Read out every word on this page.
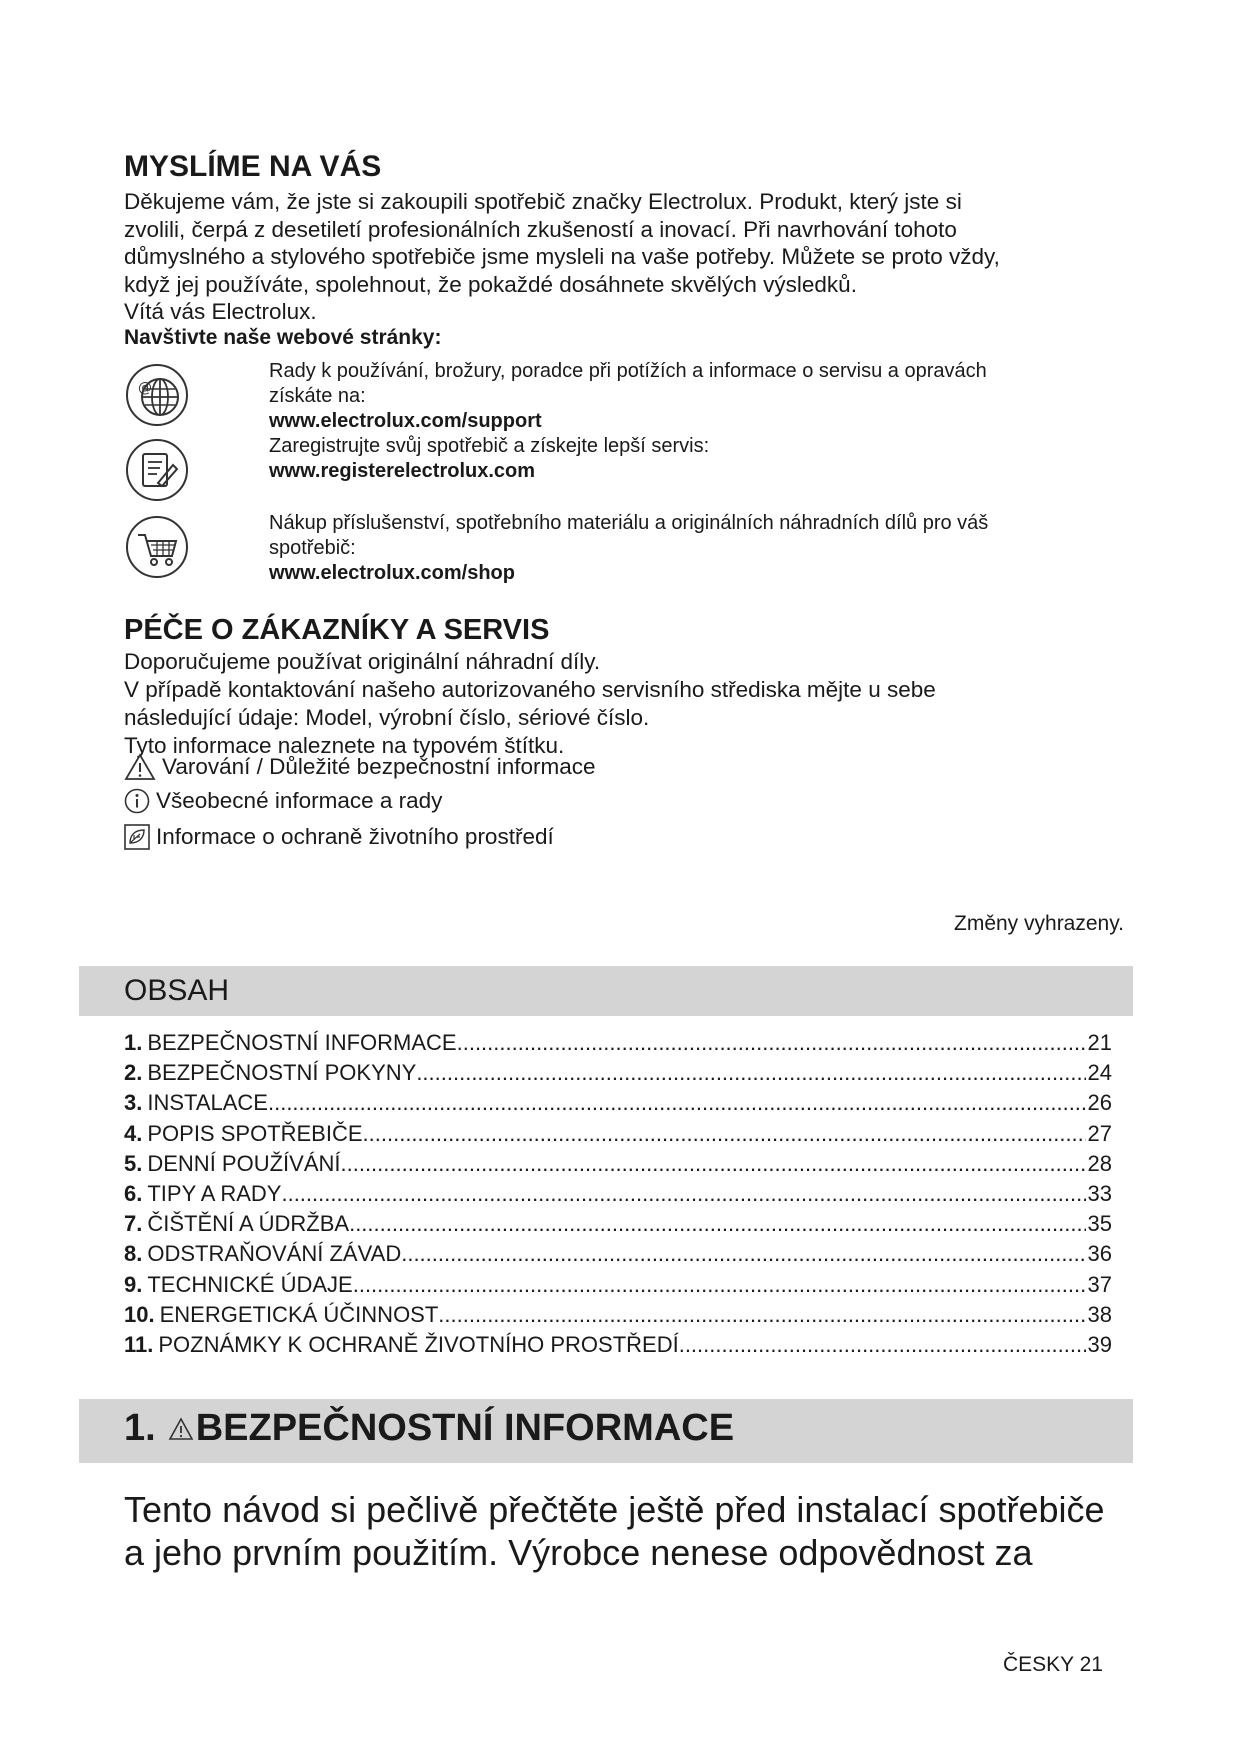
MYSLÍME NA VÁS

Děkujeme vám, že jste si zakoupili spotřebič značky Electrolux. Produkt, který jste si

zvolili, čerpá z desetiletí profesionálních zkušeností a inovací. Při navrhování tohoto

důmyslného a stylového spotřebiče jsme mysleli na vaše potřeby. Můžete se proto vždy,

když jej používáte, spolehnout, že pokaždé dosáhnete skvělých výsledků.

Vítá vás Electrolux.

Navštivte naše webové stránky:
@
Rady k používání, brožury, poradce při potížích a informace o servisu a opravách
získáte na:
www.electrolux.com/support
Zaregistrujte svůj spotřebič a získejte lepší servis:
www.registerelectrolux.com
Nákup příslušenství, spotřebního materiálu a originálních náhradních dílů pro váš
spotřebič:
www.electrolux.com/shop
PÉČE O ZÁKAZNÍKY A SERVIS

Doporučujeme používat originální náhradní díly.

V případě kontaktování našeho autorizovaného servisního střediska mějte u sebe

následující údaje: Model, výrobní číslo, sériové číslo.

Tyto informace naleznete na typovém štítku.

Varování / Důležité bezpečnostní informace
Všeobecné informace a rady
Informace o ochraně životního prostředí
Změny vyhrazeny.
OBSAH
1. BEZPEČNOSTNÍ INFORMACE .....	21
2. BEZPEČNOSTNÍ POKYNY .....	24
3. INSTALACE .....	26
4. POPIS SPOTŘEBIČE .....	27
5. DENNÍ POUŽÍVÁNÍ .....	28
6. TIPY A RADY .....	33
7. ČIŠTĚNÍ A ÚDRŽBA .....	35
8. ODSTRAŇOVÁNÍ ZÁVAD .....	36
9. TECHNICKÉ ÚDAJE .....	37
10. ENERGETICKÁ ÚČINNOST .....	38
11. POZNÁMKY K OCHRANĚ ŽIVOTNÍHO PROSTŘEDÍ .....	39
1. BEZPEČNOSTNÍ INFORMACE
Tento návod si pečlivě přečtěte ještě před instalací spotřebiče
a jeho prvním použitím. Výrobce nenese odpovědnost za
ČESKY 21
